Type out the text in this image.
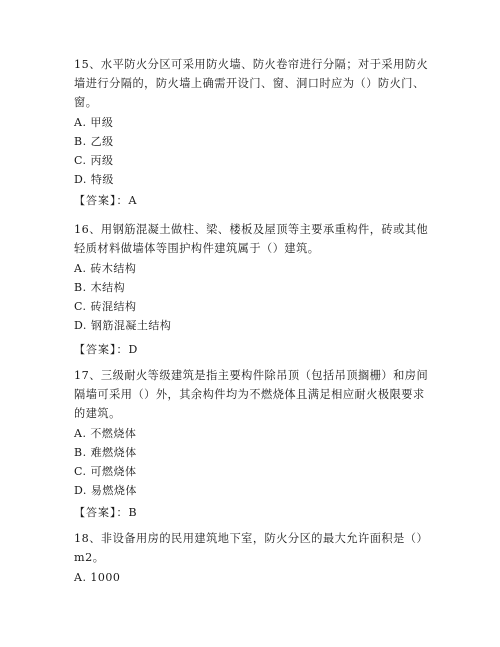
15、水平防火分区可采用防火墙、防火卷帘进行分隔；对于采用防火墙进行分隔的，防火墙上确需开设门、窗、洞口时应为（）防火门、窗。

A. 甲级

B. 乙级

C. 丙级

D. 特级

【答案】：A

16、用钢筋混凝土做柱、梁、楼板及屋顶等主要承重构件，砖或其他轻质材料做墙体等围护构件建筑属于（）建筑。

A. 砖木结构

B. 木结构

C. 砖混结构

D. 钢筋混凝土结构

【答案】：D

17、三级耐火等级建筑是指主要构件除吊顶（包括吊顶搁栅）和房间隔墙可采用（）外，其余构件均为不燃烧体且满足相应耐火极限要求的建筑。

A. 不燃烧体

B. 难燃烧体

C. 可燃烧体

D. 易燃烧体

【答案】：B

18、非设备用房的民用建筑地下室，防火分区的最大允许面积是（）m2。

A. 1000
